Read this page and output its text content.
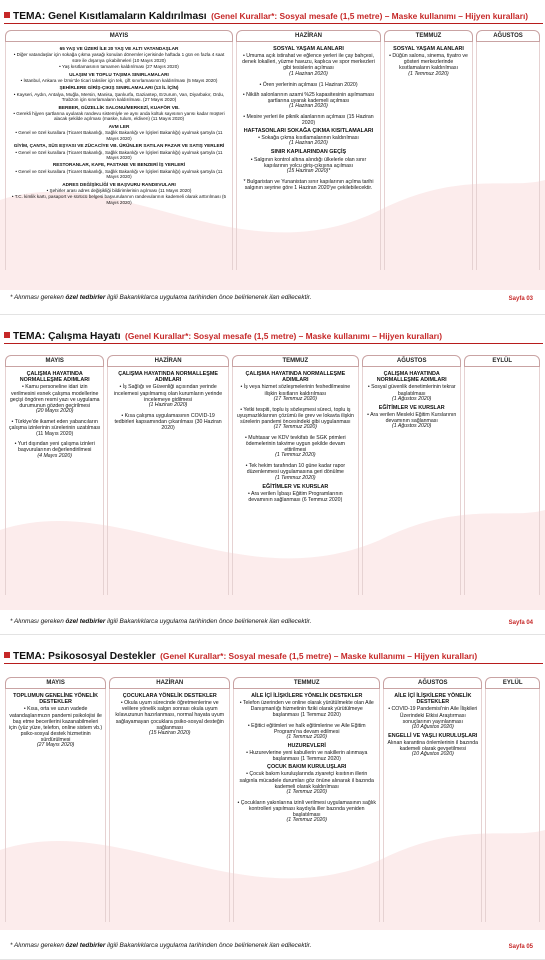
TEMA: Genel Kısıtlamaların Kaldırılması (Genel Kurallar*: Sosyal mesafe (1,5 metre) – Maske kullanımı – Hijyen kuralları)
MAYIS
65 YAŞ VE ÜZERİ İLE 20 YAŞ VE ALTI VATANDAŞLAR
• Diğer vatandaşlar için sokağa çıkma yasağı konulan dönemler içerisinde haftada 1 gün en fazla 4 saat süre ile dışarıya çıkabilmeleri (10 Mayıs 2020)
• Yaş kısıtlamasının tamamen kaldırılması (27 Mayıs 2020)
ULAŞIM VE TOPLU TAŞIMA SINIRLAMALARI
• İstanbul, Ankara ve İzmir'de ticari taksiler için tek, çift sınırlamasının kaldırılması (5 Mayıs 2020)
ŞEHİRLERE GİRİŞ-ÇIKIŞ SINIRLAMALARI (13 İL İÇİN)
• Kayseri, Aydın, Antalya, Muğla, Mersin, Manisa, Şanlıurfa, Gaziantep, Erzurum, Van, Diyarbakır, Ordu, Trabzon için sınırlamaların kaldırılması. (27 Mayıs 2020)
BERBER, GÜZELLİK SALONU/MERKEZİ, KUAFÖR VB.
• Gerekli hijyen şartlarına uyularak randevu sistemiyle ve aynı anda koltuk sayısının yarısı kadar müşteri alacak şekilde açılması (maske, tulum, eldiven) (11 Mayıs 2020)
AVM LER
• Genel ve özel kurallara (Ticaret Bakanlığı, Sağlık Bakanlığı ve İçişleri Bakanlığı) uyulmak şartıyla (11 Mayıs 2020)
GİYİM, ÇANTA, SÜS EŞYASI VE ZÜCACİYE VB. ÜRÜNLER SATILAN PAZAR VE SATIŞ YERLERİ
• Genel ve özel kurallara (Ticaret Bakanlığı, Sağlık Bakanlığı ve İçişleri Bakanlığı) uyulmak şartıyla (11 Mayıs 2020)
RESTORANLAR, KAFE, PASTANE VE BENZERİ İŞ YERLERİ
• Genel ve özel kurallara (Ticaret Bakanlığı, Sağlık Bakanlığı ve İçişleri Bakanlığı) uyulmak şartıyla (11 Mayıs 2020)
ADRES DEĞİŞİKLİĞİ VE BAŞVURU RANDEVULARI
• Şehirler arası adres değişikliği bildirimlerinin açılması (11 Mayıs 2020)
• T.C. kimlik kartı, pasaport ve sürücü belgesi başvurularının randevularının kademeli olarak arttırılması (5 Mayıs 2020)
HAZİRAN
SOSYAL YAŞAM ALANLARI
• Umuma açık istirahat ve eğlence yerleri ile çay bahçesi, denek lokalleri, yüzme havuzu, kaplıca ve spor merkezleri gibi tesislerin açılması
(1 Haziran 2020)
• Ören yerlerinin açılması (1 Haziran 2020)
• Nikâh salonlarının azami %25 kapasitesinin aşılmaması şartlarına uyarak kademeli açılması
(1 Haziran 2020)
• Mesire yerleri ile piknik alanlarının açılması (15 Haziran 2020)
HAFTASONLARI SOKAĞA ÇIKMA KISITLAMALARI
• Sokağa çıkma kısıtlamalarının kaldırılması
(1 Haziran 2020)
SINIR KAPILARINDAN GEÇİŞ
• Salgının kontrol altına alındığı ülkelerle olan sınır kapılarının yolcu giriş-çıkışına açılması
(15 Haziran 2020)*
* Bulgaristan ve Yunanistan sınır kapılarının açılma tarihi salgının seyrine göre 1 Haziran 2020'ye çekilebilecektir.
TEMMUZ
SOSYAL YAŞAM ALANLARI
• Düğün salonu, sinema, tiyatro ve gösteri merkezlerinde kısıtlamaların kaldırılması
(1 Temmuz 2020)
AĞUSTOS
* Alınması gereken özel tedbirler ilgili Bakanlıklarca uygulama tarihinden önce belirlenerek ilan edilecektir.	Sayfa 03
TEMA: Çalışma Hayatı (Genel Kurallar*: Sosyal mesafe (1,5 metre) – Maske kullanımı – Hijyen kuralları)
MAYIS
ÇALIŞMA HAYATINDA NORMALLEŞME ADIMLARI
• Kamu personeline idari izin verilmesini esnek çalışma modellerine geçişi öngören resmi yazı ve uygulama durumunun gözden geçirilmesi
(20 Mayıs 2020)
• Türkiye'de ikamet eden yabancıların çalışma izinlerinin sürelerinin uzatılması (11 Mayıs 2020)
• Yurt dışından yeni çalışma izinleri başvurularının değerlendirilmesi
(4 Mayıs 2020)
HAZİRAN
ÇALIŞMA HAYATINDA NORMALLEŞME ADIMLARI
• İş Sağlığı ve Güvenliği açısından yerinde incelemesi yapılmamış olan kurumların yerinde incelemeye gidilmesi
(1 Haziran 2020)
• Kısa çalışma uygulamasının COVID-19 tedbirleri kapsamından çıkarılması (30 Haziran 2020)
TEMMUZ
ÇALIŞMA HAYATINDA NORMALLEŞME ADIMLARI
• İş veya hizmet sözleşmelerinin feshedilmesine ilişkin kısıtların kaldırılması
(17 Temmuz 2020)
• Yetki tespiti, toplu iş sözleşmesi süreci, toplu iş uyuşmazlıklarının çözümü ile grev ve lokavta ilişkin sürelerin pandemi öncesindeki gibi uygulanması
(17 Temmuz 2020)
• Muhtasar ve KDV tevkifatı ile SGK primleri ödemelerinin takvime uygun şekilde devam ettirilmesi
(1 Temmuz 2020)
• Tek hekim tarafından 10 güne kadar rapor düzenlenmesi uygulamasına geri dönülme
(1 Temmuz 2020)
EĞİTİMLER VE KURSLAR
• Ara verilen İşbaşı Eğitim Programlarının devamının sağlanması (6 Temmuz 2020)
AĞUSTOS
ÇALIŞMA HAYATINDA NORMALLEŞME ADIMLARI
• Sosyal güvenlik denetimlerinin tekrar başlatılması
(1 Ağustos 2020)
EĞİTİMLER VE KURSLAR
• Ara verilen Mesleki Eğitim Kurslarının devamının sağlanması
(1 Ağustos 2020)
EYLÜL
* Alınması gereken özel tedbirler ilgili Bakanlıklarca uygulama tarihinden önce belirlenerek ilan edilecektir.	Sayfa 04
TEMA: Psikososyal Destekler (Genel Kurallar*: Sosyal mesafe (1,5 metre) – Maske kullanımı – Hijyen kuralları)
MAYIS
TOPLUMUN GENELİNE YÖNELİK DESTEKLER
• Kısa, orta ve uzun vadede vatandaşlarımızın pandemi psikolojisi ile baş etme becerilerini kazanabilmeleri için (yüz yüze, telefon, online sistem vb.) psiko-sosyal destek hizmetinin sürdürülmesi
(27 Mayıs 2020)
HAZİRAN
ÇOCUKLARA YÖNELİK DESTEKLER
• Okula uyum sürecinde öğretmenlerine ve velilere yönelik salgın sonrası okula uyum kılavuzunun hazırlanması, normal hayata uyum sağlayamayan çocuklara psiko-sosyal desteğin sağlanması
(15 Haziran 2020)
TEMMUZ
AİLE İÇİ İLİŞKİLERE YÖNELİK DESTEKLER
• Telefon üzerinden ve online olarak yürütülmekte olan Aile Danışmanlığı hizmetinin fiziki olarak yürütülmeye başlanması (1 Temmuz 2020)
• Eğitici eğitimleri ve halk eğitimlerine ve Aile Eğitim Programı'na devam edilmesi
(1 Temmuz 2020)
HUZUREVLERİ
• Huzurevlerine yeni kabullerin ve nakillerin alınmaya başlanması (1 Temmuz 2020)
ÇOCUK BAKIM KURULUŞLARI
• Çocuk bakım kuruluşlarında ziyaretçi kısıtının illerin salgınla mücadele durumları göz önüne alınarak il bazında kademeli olarak kaldırılması
(1 Temmuz 2020)
• Çocukların yakınlarına izinli verilmesi uygulamasının sağlık kontrolleri yapılması kaydıyla iller bazında yeniden başlatılması
(1 Temmuz 2020)
AĞUSTOS
AİLE İÇİ İLİŞKİLERE YÖNELİK DESTEKLER
• COVID-19 Pandemisi'nin Aile İlişkileri Üzerindeki Etkisi Araştırması sonuçlarının yayınlanması
(10 Ağustos 2020)
ENGELLİ VE YAŞLI KURULUŞLARI
Alınan karantina önlemlerinin il bazında kademeli olarak gevşetilmesi
(10 Ağustos 2020)
EYLÜL
* Alınması gereken özel tedbirler ilgili Bakanlıklarca uygulama tarihinden önce belirlenerek ilan edilecektir.	Sayfa 05
